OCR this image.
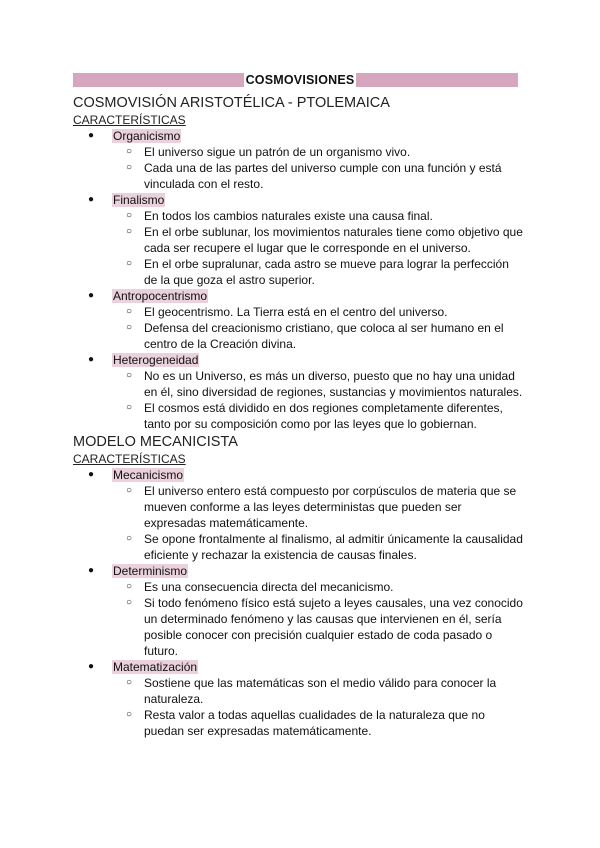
COSMOVISIONES
COSMOVISIÓN ARISTOTÉLICA - PTOLEMAICA
CARACTERÍSTICAS
● Organicismo
○ El universo sigue un patrón de un organismo vivo.
○ Cada una de las partes del universo cumple con una función y está vinculada con el resto.
● Finalismo
○ En todos los cambios naturales existe una causa final.
○ En el orbe sublunar, los movimientos naturales tiene como objetivo que cada ser recupere el lugar que le corresponde en el universo.
○ En el orbe supralunar, cada astro se mueve para lograr la perfección de la que goza el astro superior.
● Antropocentrismo
○ El geocentrismo. La Tierra está en el centro del universo.
○ Defensa del creacionismo cristiano, que coloca al ser humano en el centro de la Creación divina.
● Heterogeneidad
○ No es un Universo, es más un diverso, puesto que no hay una unidad en él, sino diversidad de regiones, sustancias y movimientos naturales.
○ El cosmos está dividido en dos regiones completamente diferentes, tanto por su composición como por las leyes que lo gobiernan.
MODELO MECANICISTA
CARACTERÍSTICAS
● Mecanicismo
○ El universo entero está compuesto por corpúsculos de materia que se mueven conforme a las leyes deterministas que pueden ser expresadas matemáticamente.
○ Se opone frontalmente al finalismo, al admitir únicamente la causalidad eficiente y rechazar la existencia de causas finales.
● Determinismo
○ Es una consecuencia directa del mecanicismo.
○ Si todo fenómeno físico está sujeto a leyes causales, una vez conocido un determinado fenómeno y las causas que intervienen en él, sería posible conocer con precisión cualquier estado de coda pasado o futuro.
● Matematización
○ Sostiene que las matemáticas son el medio válido para conocer la naturaleza.
○ Resta valor a todas aquellas cualidades de la naturaleza que no puedan ser expresadas matemáticamente.
